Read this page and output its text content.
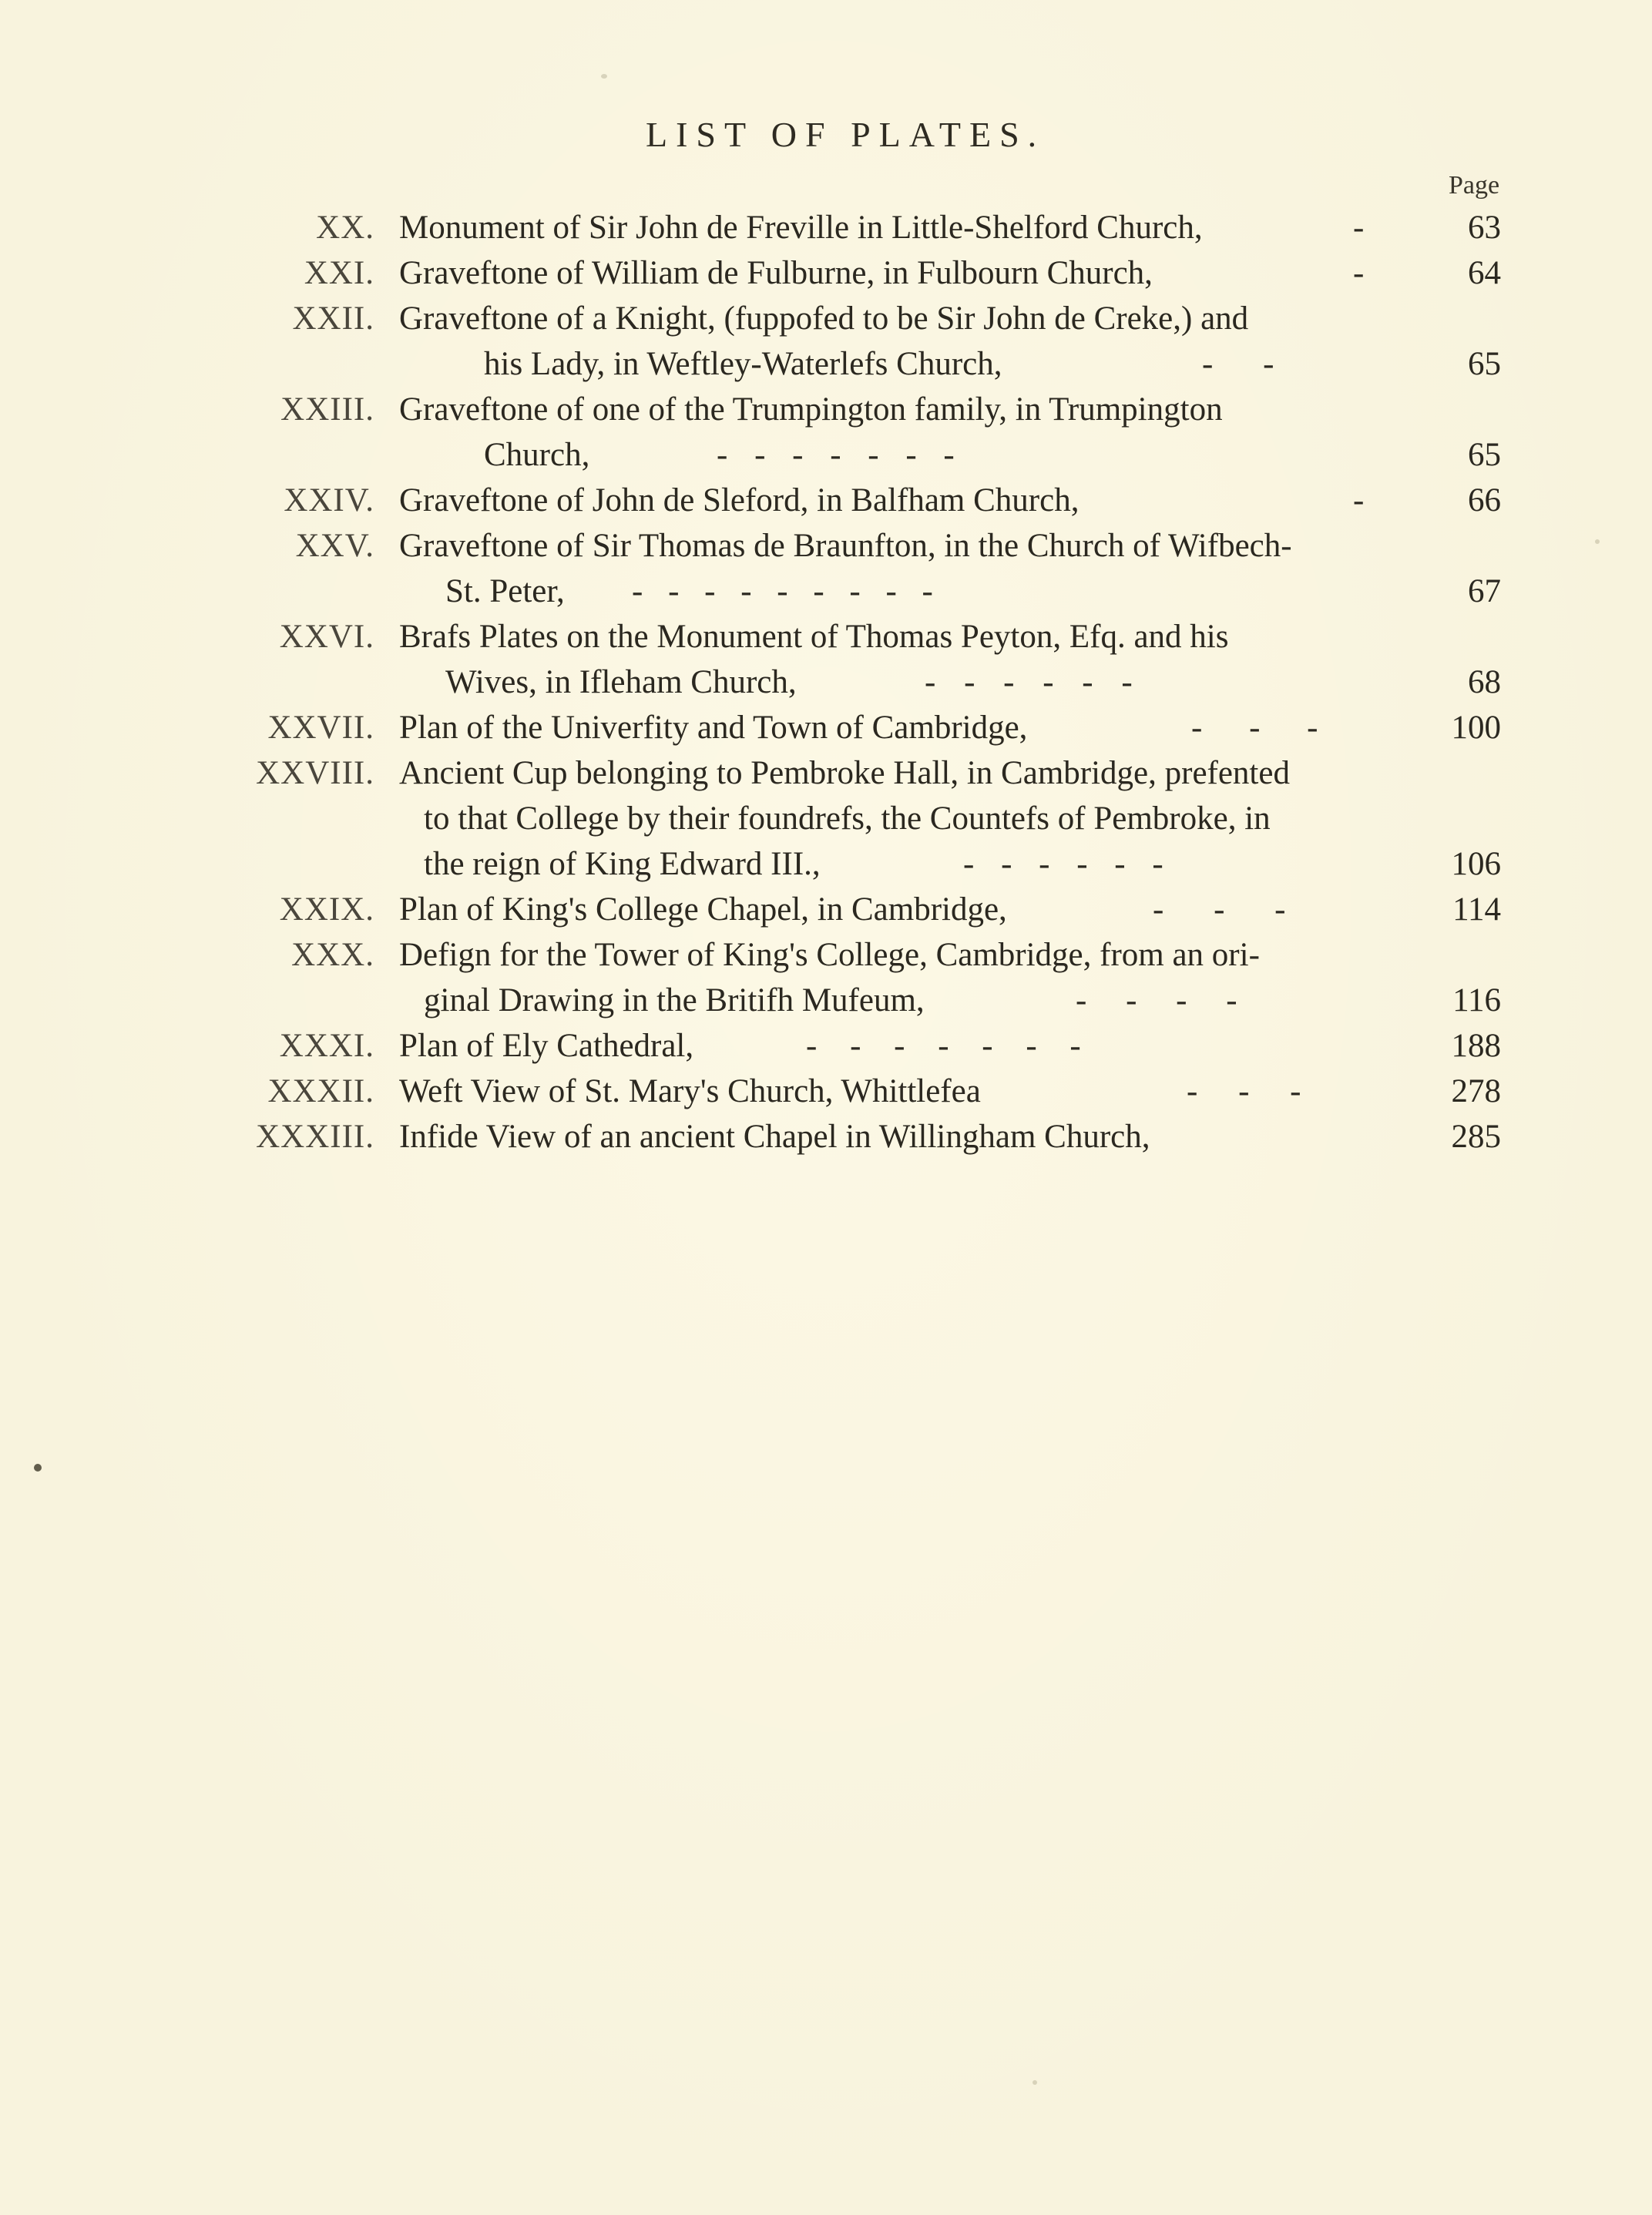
LIST OF PLATES.
Page
XX. Monument of Sir John de Freville in Little-Shelford Church,	-	63
XXI. Graveftone of William de Fulburne, in Fulbourn Church,	-	64
XXII. Graveftone of a Knight, (fuppofed to be Sir John de Creke,) and
his Lady, in Weftley-Waterlefs Church,	- -	65
XXIII. Graveftone of one of the Trumpington family, in Trumpington
Church,	- - - - - - -	65
XXIV. Graveftone of John de Sleford, in Balfham Church,	-	66
XXV. Graveftone of Sir Thomas de Braunfton, in the Church of Wifbech-
St. Peter, - - - - - - - - -	67
XXVI. Brafs Plates on the Monument of Thomas Peyton, Efq. and his
Wives, in Ifleham Church,	- - - - - -	68
XXVII. Plan of the Univerfity and Town of Cambridge,	- - -	100
XXVIII. Ancient Cup belonging to Pembroke Hall, in Cambridge, prefented
to that College by their foundrefs, the Countefs of Pembroke, in
the reign of King Edward III.,	- - - - - -	106
XXIX. Plan of King's College Chapel, in Cambridge,	- - -	114
XXX. Defign for the Tower of King's College, Cambridge, from an ori-
ginal Drawing in the Britifh Mufeum,	- - - -	116
XXXI. Plan of Ely Cathedral,	- - - - - - -	188
XXXII. Weft View of St. Mary's Church, Whittlefea	- - -	278
XXXIII. Infide View of an ancient Chapel in Willingham Church,	285
